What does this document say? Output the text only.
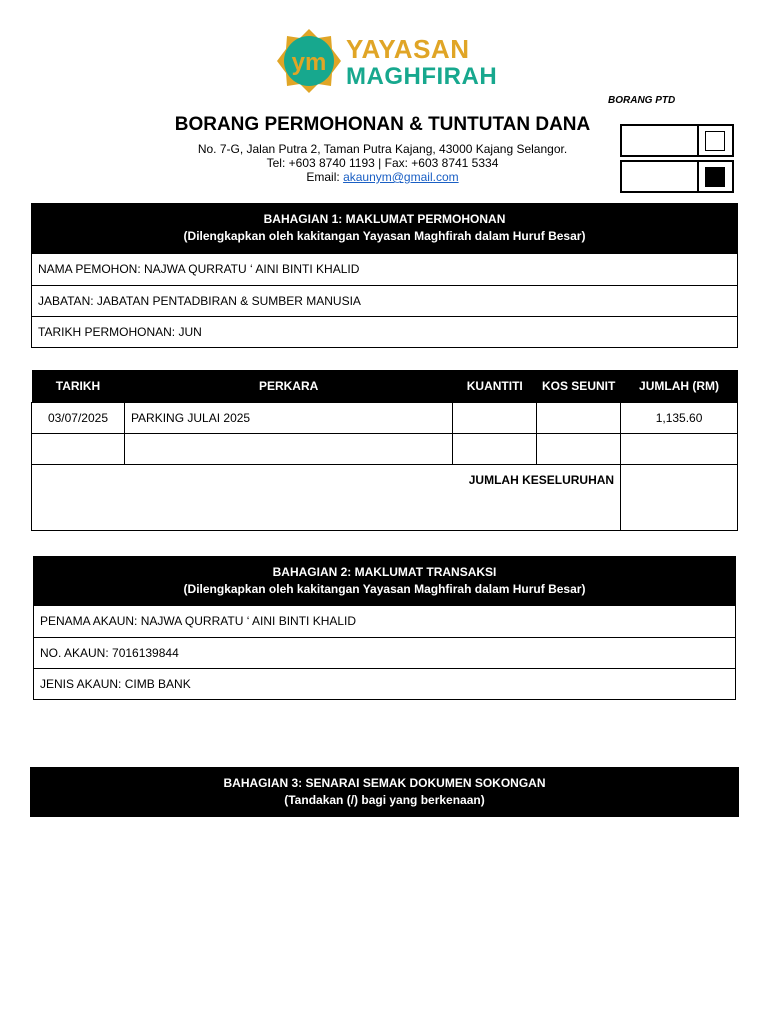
ym YAYASAN
MAGHFIRAH
BORANG PTD
BORANG PERMOHONAN & TUNTUTAN DANA
No. 7-G, Jalan Putra 2, Taman Putra Kajang, 43000 Kajang Selangor.
Tel: +603 8740 1193 | Fax: +603 8741 5334
Email: akaunym@gmail.com
BAHAGIAN 1: MAKLUMAT PERMOHONAN
(Dilengkapkan oleh kakitangan Yayasan Maghfirah dalam Huruf Besar)
NAMA PEMOHON: NAJWA QURRATU ‘ AINI BINTI KHALID
JABATAN: JABATAN PENTADBIRAN & SUMBER MANUSIA
TARIKH PERMOHONAN: JUN
TARIKH	PERKARA	KUANTITI	KOS SEUNIT	JUMLAH (RM)
03/07/2025	PARKING JULAI 2025			1,135.60

JUMLAH KESELURUHAN				
BAHAGIAN 2: MAKLUMAT TRANSAKSI
(Dilengkapkan oleh kakitangan Yayasan Maghfirah dalam Huruf Besar)
PENAMA AKAUN: NAJWA QURRATU ‘ AINI BINTI KHALID
NO. AKAUN: 7016139844
JENIS AKAUN: CIMB BANK
BAHAGIAN 3: SENARAI SEMAK DOKUMEN SOKONGAN
(Tandakan (/) bagi yang berkenaan)
